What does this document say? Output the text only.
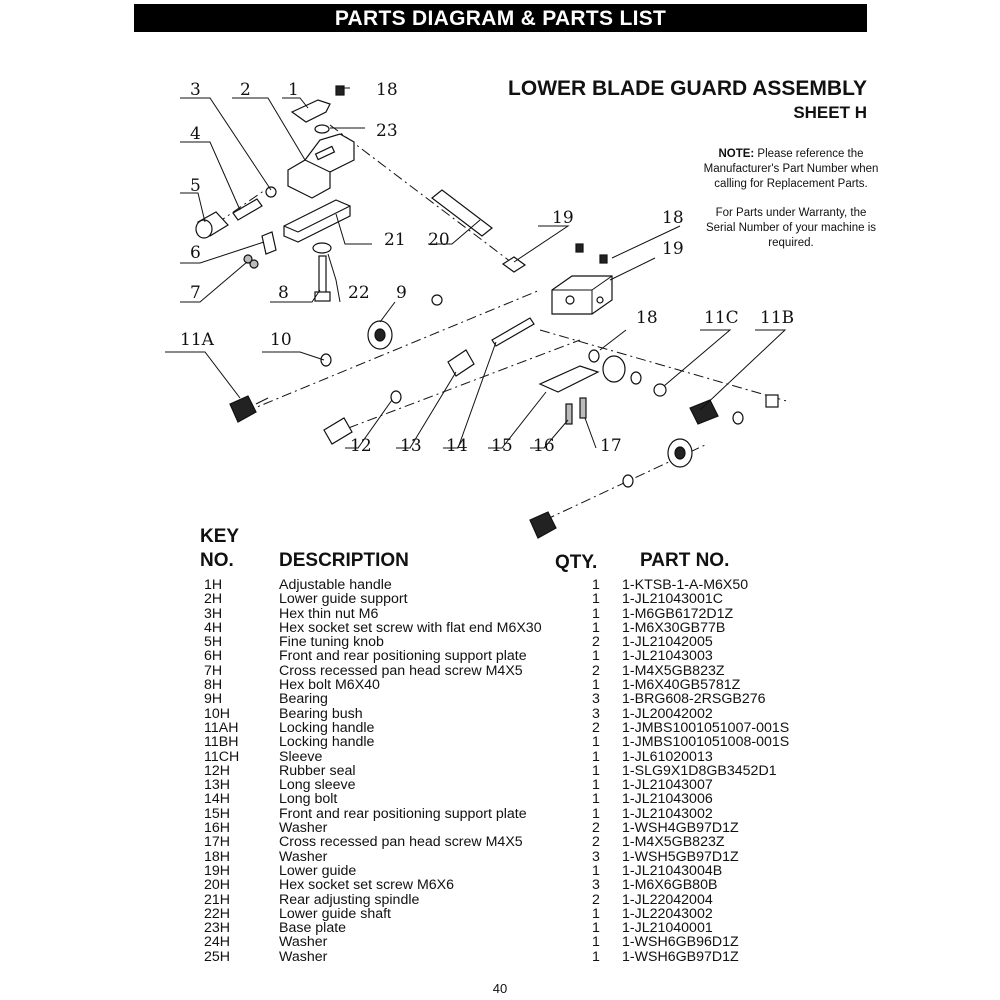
PARTS DIAGRAM & PARTS LIST
LOWER BLADE GUARD ASSEMBLY
SHEET H

NOTE: Please reference the Manufacturer's Part Number when calling for Replacement Parts.

For Parts under Warranty, the Serial Number of your machine is required.

3 2 1	18
23
4
5
19	18
21 20	19
6
7	8	22 9
18	11C 11B
11A	10
12 13 14 15 16	17
KEY
NO. DESCRIPTION	QTY. PART NO.
1H	Adjustable handle	1	1-KTSB-1-A-M6X50
2H	Lower guide support	1	1-JL21043001C
3H	Hex thin nut M6	1	1-M6GB6172D1Z
4H	Hex socket set screw with flat end M6X30	1	1-M6X30GB77B
5H	Fine tuning knob	2	1-JL21042005
6H	Front and rear positioning support plate	1	1-JL21043003
7H	Cross recessed pan head screw M4X5	2	1-M4X5GB823Z
8H	Hex bolt M6X40	1	1-M6X40GB5781Z
9H	Bearing	3	1-BRG608-2RSGB276
10H	Bearing bush	3	1-JL20042002
11AH	Locking handle	2	1-JMBS1001051007-001S
11BH	Locking handle	1	1-JMBS1001051008-001S
11CH	Sleeve	1	1-JL61020013
12H	Rubber seal	1	1-SLG9X1D8GB3452D1
13H	Long sleeve	1	1-JL21043007
14H	Long bolt	1	1-JL21043006
15H	Front and rear positioning support plate	1	1-JL21043002
16H	Washer	2	1-WSH4GB97D1Z
17H	Cross recessed pan head screw M4X5	2	1-M4X5GB823Z
18H	Washer	3	1-WSH5GB97D1Z
19H	Lower guide	1	1-JL21043004B
20H	Hex socket set screw M6X6	3	1-M6X6GB80B
21H	Rear adjusting spindle	2	1-JL22042004
22H	Lower guide shaft	1	1-JL22043002
23H	Base plate	1	1-JL21040001
24H	Washer	1	1-WSH6GB96D1Z
25H	Washer	1	1-WSH6GB97D1Z
40
